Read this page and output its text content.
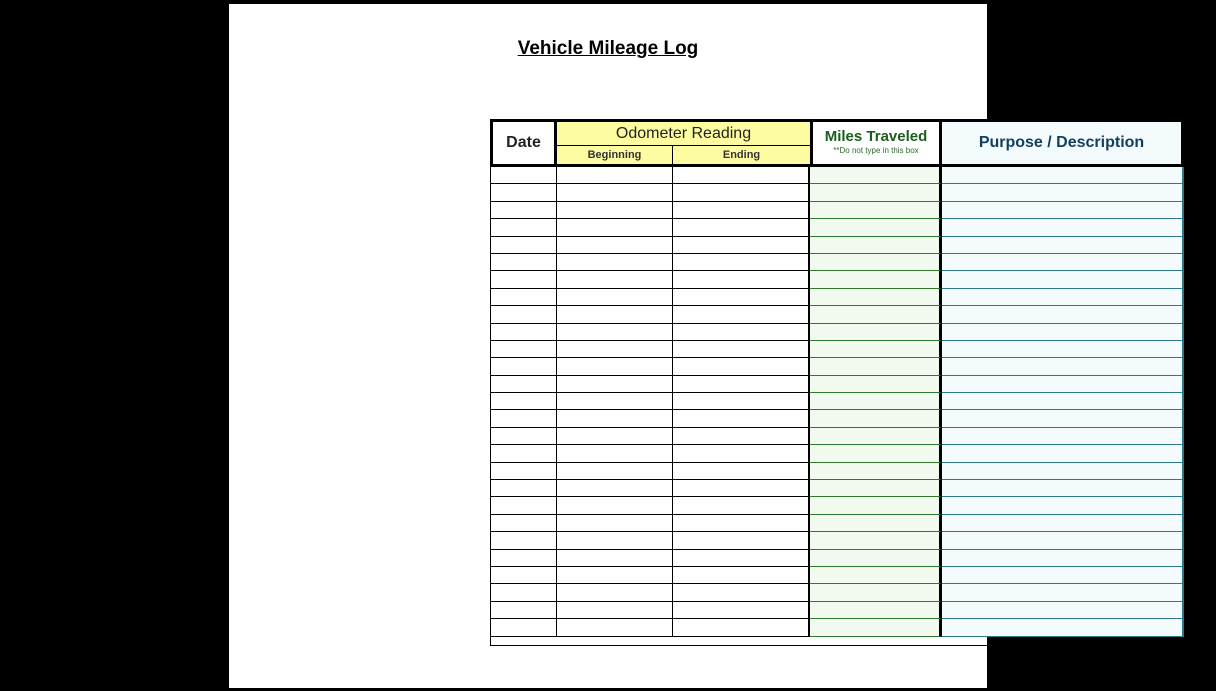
Vehicle Mileage Log
Date
Odometer Reading
Beginning	Ending
Miles Traveled
**Do not type in this box	Purpose / Description
